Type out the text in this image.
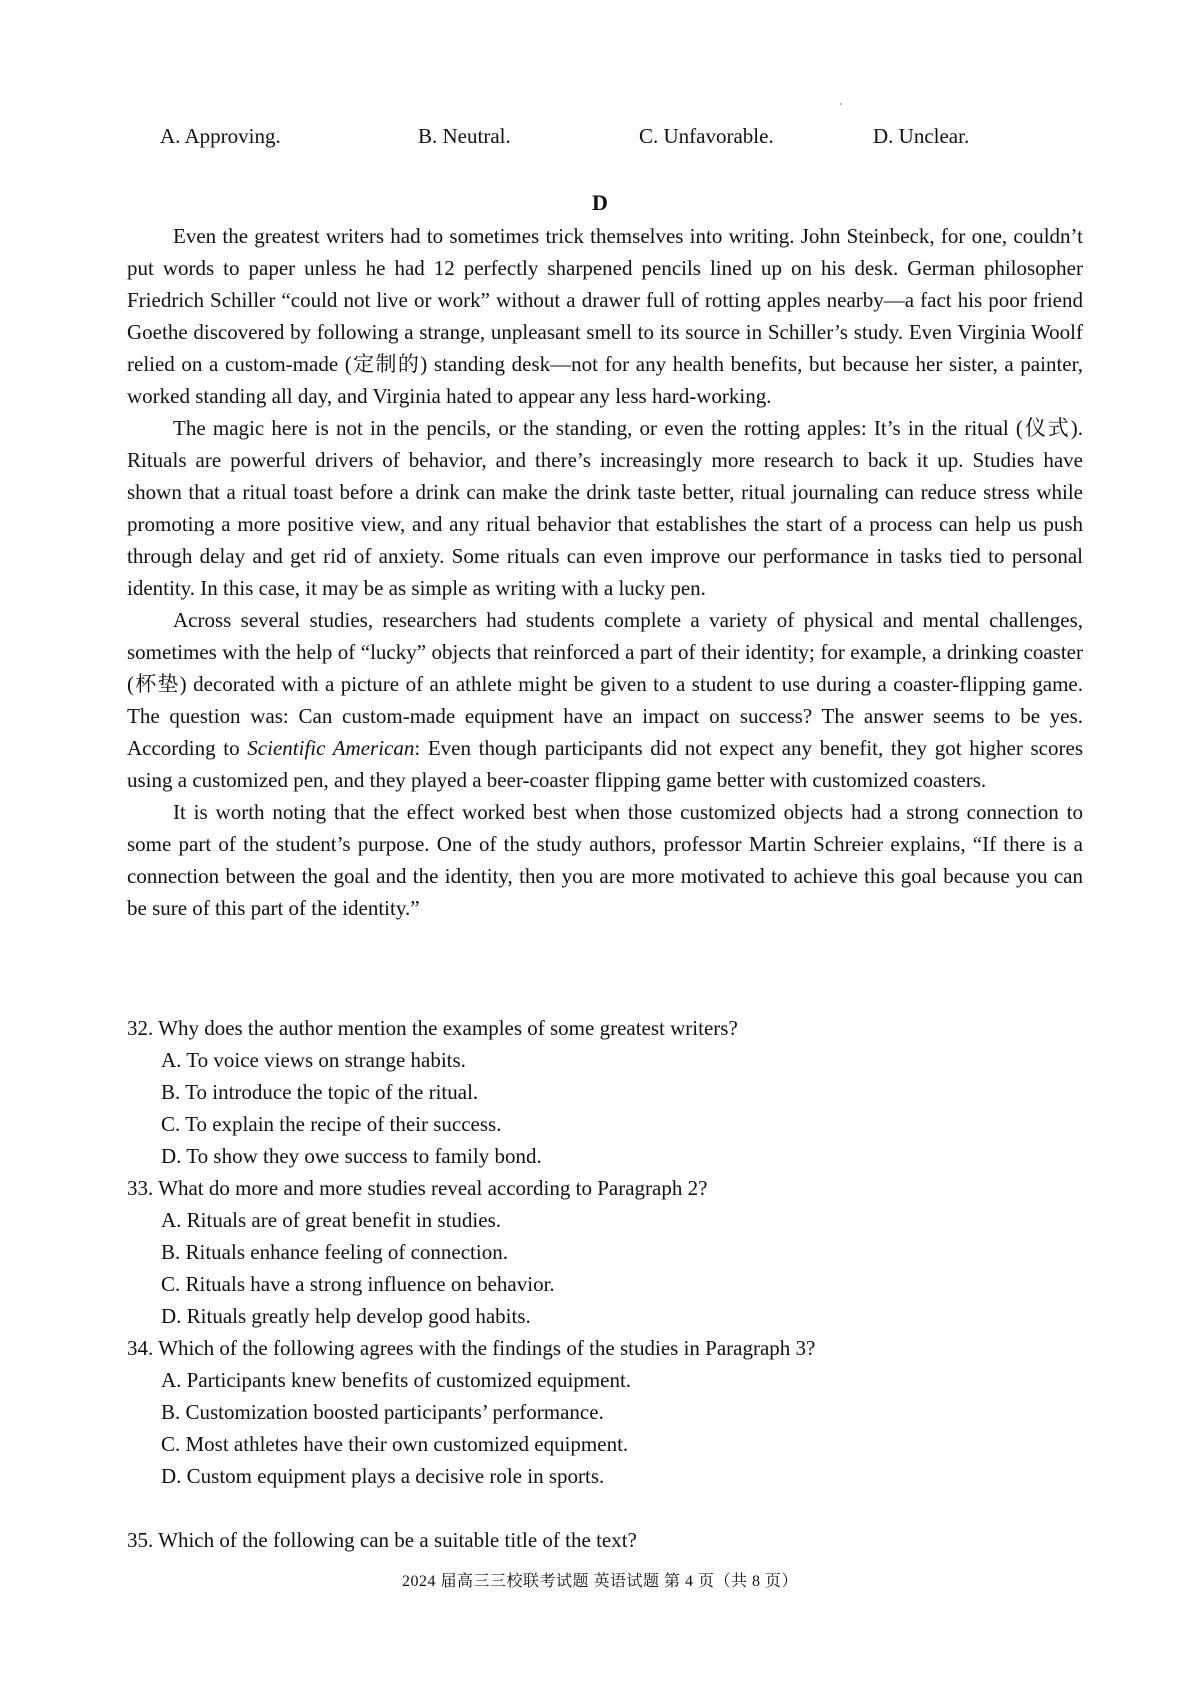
A. Approving.	B. Neutral.	C. Unfavorable.	D. Unclear.
D

Even the greatest writers had to sometimes trick themselves into writing. John Steinbeck, for one, couldn’t put words to paper unless he had 12 perfectly sharpened pencils lined up on his desk. German philosopher Friedrich Schiller “could not live or work” without a drawer full of rotting apples nearby—a fact his poor friend Goethe discovered by following a strange, unpleasant smell to its source in Schiller’s study. Even Virginia Woolf relied on a custom-made (定制的) standing desk—not for any health benefits, but because her sister, a painter, worked standing all day, and Virginia hated to appear any less hard-working.

The magic here is not in the pencils, or the standing, or even the rotting apples: It’s in the ritual (仪式). Rituals are powerful drivers of behavior, and there’s increasingly more research to back it up. Studies have shown that a ritual toast before a drink can make the drink taste better, ritual journaling can reduce stress while promoting a more positive view, and any ritual behavior that establishes the start of a process can help us push through delay and get rid of anxiety. Some rituals can even improve our performance in tasks tied to personal identity. In this case, it may be as simple as writing with a lucky pen.

Across several studies, researchers had students complete a variety of physical and mental challenges, sometimes with the help of “lucky” objects that reinforced a part of their identity; for example, a drinking coaster (杯垫) decorated with a picture of an athlete might be given to a student to use during a coaster-flipping game. The question was: Can custom-made equipment have an impact on success? The answer seems to be yes. According to Scientific American: Even though participants did not expect any benefit, they got higher scores using a customized pen, and they played a beer-coaster flipping game better with customized coasters.

It is worth noting that the effect worked best when those customized objects had a strong connection to some part of the student’s purpose. One of the study authors, professor Martin Schreier explains, “If there is a connection between the goal and the identity, then you are more motivated to achieve this goal because you can be sure of this part of the identity.”

32. Why does the author mention the examples of some greatest writers?
A. To voice views on strange habits.
B. To introduce the topic of the ritual.
C. To explain the recipe of their success.
D. To show they owe success to family bond.
33. What do more and more studies reveal according to Paragraph 2?
A. Rituals are of great benefit in studies.
B. Rituals enhance feeling of connection.
C. Rituals have a strong influence on behavior.
D. Rituals greatly help develop good habits.
34. Which of the following agrees with the findings of the studies in Paragraph 3?
A. Participants knew benefits of customized equipment.
B. Customization boosted participants’ performance.
C. Most athletes have their own customized equipment.
D. Custom equipment plays a decisive role in sports.
35. Which of the following can be a suitable title of the text?
2024 届高三三校联考试题 英语试题 第 4 页（共 8 页）
